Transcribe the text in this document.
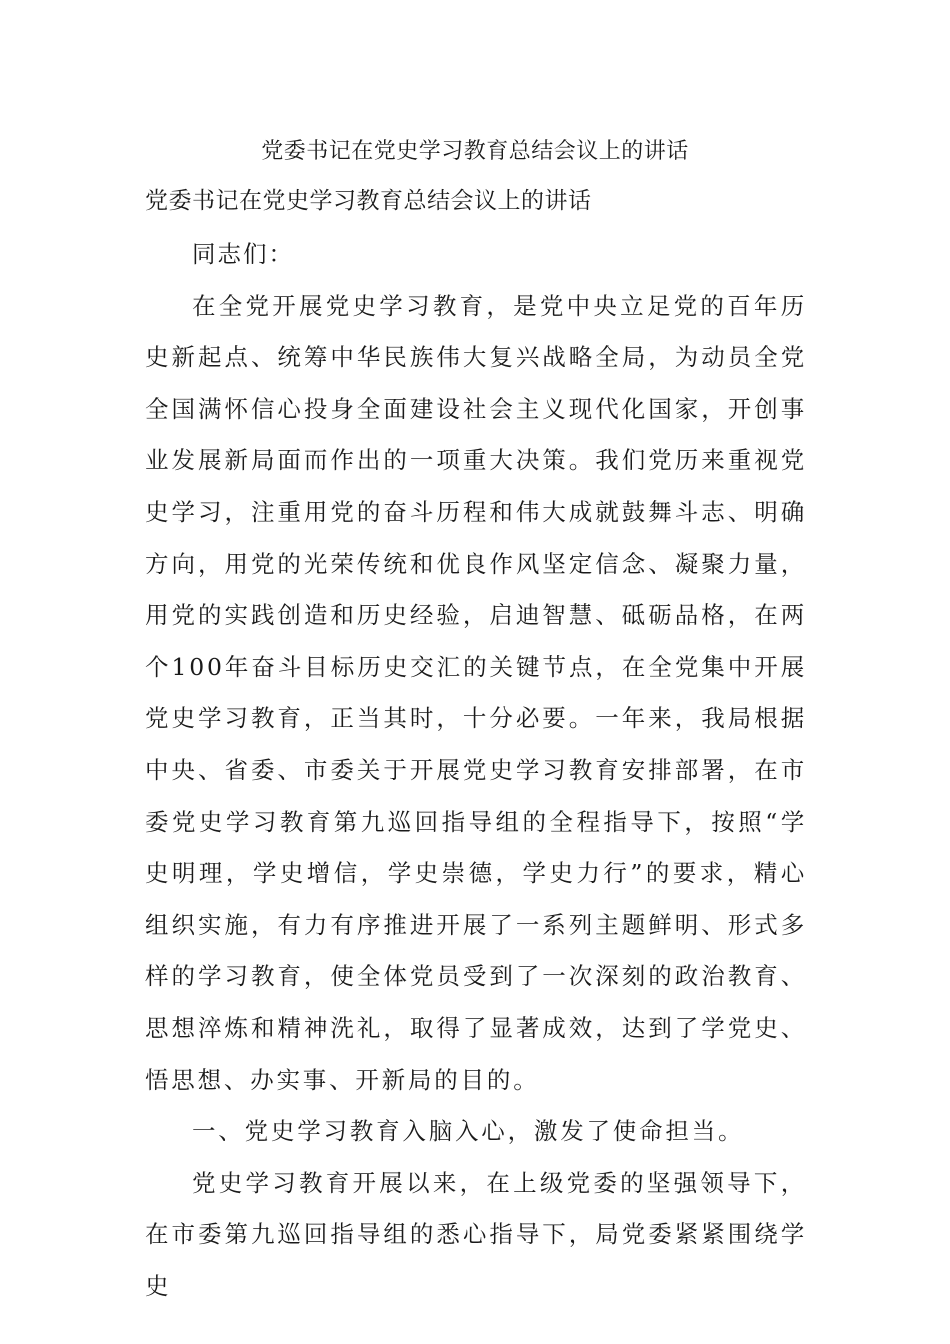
党委书记在党史学习教育总结会议上的讲话
党委书记在党史学习教育总结会议上的讲话

同志们：

在全党开展党史学习教育，是党中央立足党的百年历史新起点、统筹中华民族伟大复兴战略全局，为动员全党全国满怀信心投身全面建设社会主义现代化国家，开创事业发展新局面而作出的一项重大决策。我们党历来重视党史学习，注重用党的奋斗历程和伟大成就鼓舞斗志、明确方向，用党的光荣传统和优良作风坚定信念、凝聚力量，用党的实践创造和历史经验，启迪智慧、砥砺品格，在两个100年奋斗目标历史交汇的关键节点，在全党集中开展党史学习教育，正当其时，十分必要。一年来，我局根据中央、省委、市委关于开展党史学习教育安排部署，在市委党史学习教育第九巡回指导组的全程指导下，按照“学史明理，学史增信，学史崇德，学史力行”的要求，精心组织实施，有力有序推进开展了一系列主题鲜明、形式多样的学习教育，使全体党员受到了一次深刻的政治教育、思想淬炼和精神洗礼，取得了显著成效，达到了学党史、悟思想、办实事、开新局的目的。

一、党史学习教育入脑入心，激发了使命担当。

党史学习教育开展以来，在上级党委的坚强领导下，在市委第九巡回指导组的悉心指导下，局党委紧紧围绕学史
